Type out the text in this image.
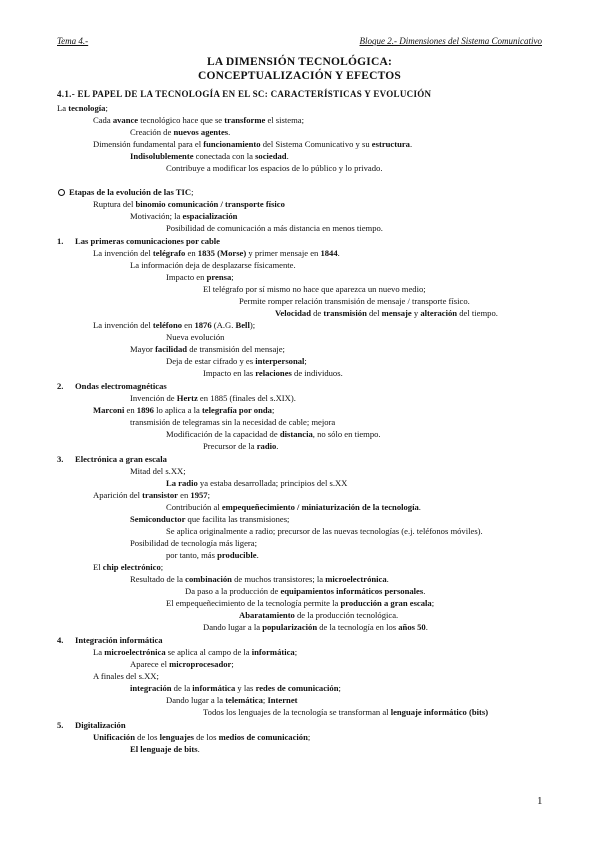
Tema 4.-	Bloque 2.- Dimensiones del Sistema Comunicativo
LA DIMENSIÓN TECNOLÓGICA:
CONCEPTUALIZACIÓN Y EFECTOS
4.1.- EL PAPEL DE LA TECNOLOGÍA EN EL SC: CARACTERÍSTICAS Y EVOLUCIÓN
La tecnología;
Cada avance tecnológico hace que se transforme el sistema;
Creación de nuevos agentes.
Dimensión fundamental para el funcionamiento del Sistema Comunicativo y su estructura.
Indisolublemente conectada con la sociedad.
Contribuye a modificar los espacios de lo público y lo privado.
Etapas de la evolución de las TIC;
Ruptura del binomio comunicación / transporte físico
Motivación; la espacialización
Posibilidad de comunicación a más distancia en menos tiempo.
Las primeras comunicaciones por cable
La invención del telégrafo en 1835 (Morse) y primer mensaje en 1844.
La información deja de desplazarse físicamente.
Impacto en prensa;
El telégrafo por sí mismo no hace que aparezca un nuevo medio;
Permite romper relación transmisión de mensaje / transporte físico.
Velocidad de transmisión del mensaje y alteración del tiempo.
La invención del teléfono en 1876 (A.G. Bell);
Nueva evolución
Mayor facilidad de transmisión del mensaje;
Deja de estar cifrado y es interpersonal;
Impacto en las relaciones de individuos.
Ondas electromagnéticas
Invención de Hertz en 1885 (finales del s.XIX).
Marconi en 1896 lo aplica a la telegrafía por onda;
transmisión de telegramas sin la necesidad de cable; mejora
Modificación de la capacidad de distancia, no sólo en tiempo.
Precursor de la radio.
Electrónica a gran escala
Mitad del s.XX;
La radio ya estaba desarrollada; principios del s.XX
Aparición del transistor en 1957;
Contribución al empequeñecimiento / miniaturización de la tecnología.
Semiconductor que facilita las transmisiones;
Se aplica originalmente a radio; precursor de las nuevas tecnologías (e.j. teléfonos móviles).
Posibilidad de tecnología más ligera;
por tanto, más producible.
El chip electrónico;
Resultado de la combinación de muchos transistores; la microelectrónica.
Da paso a la producción de equipamientos informáticos personales.
El empequeñecimiento de la tecnología permite la producción a gran escala;
Abaratamiento de la producción tecnológica.
Dando lugar a la popularización de la tecnología en los años 50.
Integración informática
La microelectrónica se aplica al campo de la informática;
Aparece el microprocesador;
A finales del s.XX;
integración de la informática y las redes de comunicación;
Dando lugar a la telemática; Internet
Todos los lenguajes de la tecnología se transforman al lenguaje informático (bits)
Digitalización
Unificación de los lenguajes de los medios de comunicación;
El lenguaje de bits.
1.
2.
3.
4.
5.
1
